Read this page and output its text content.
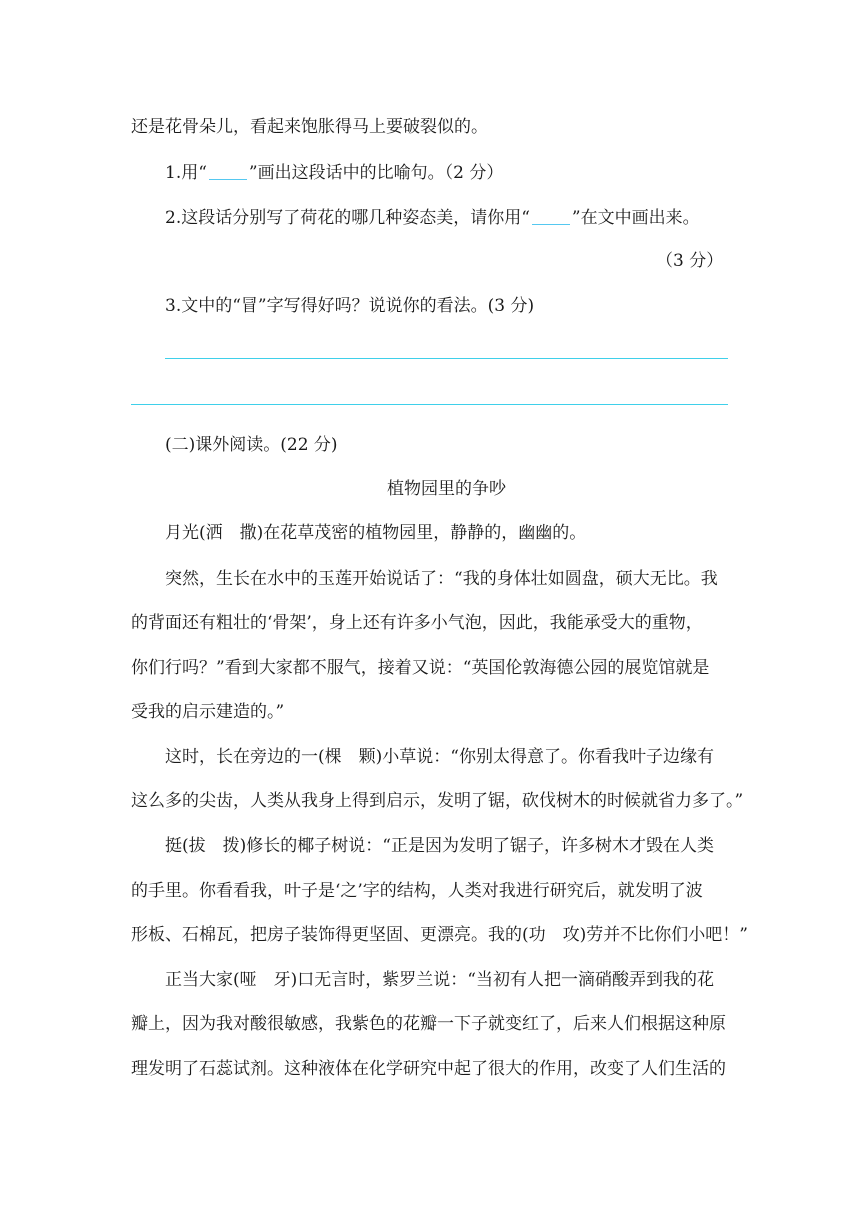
还是花骨朵儿，看起来饱胀得马上要破裂似的。
1.用“ ”画出这段话中的比喻句。（2 分）
2.这段话分别写了荷花的哪几种姿态美，请你用“ ”在文中画出来。
（3 分）
3.文中的“冒”字写得好吗？说说你的看法。(3 分)
(二)课外阅读。(22 分)
植物园里的争吵
月光(洒　撒)在花草茂密的植物园里，静静的，幽幽的。
突然，生长在水中的玉莲开始说话了：“我的身体壮如圆盘，硕大无比。我
的背面还有粗壮的‘骨架’，身上还有许多小气泡，因此，我能承受大的重物，
你们行吗？”看到大家都不服气，接着又说：“英国伦敦海德公园的展览馆就是
受我的启示建造的。”
这时，长在旁边的一(棵　颗)小草说：“你别太得意了。你看我叶子边缘有
这么多的尖齿，人类从我身上得到启示，发明了锯，砍伐树木的时候就省力多了。”
挺(拔　拨)修长的椰子树说：“正是因为发明了锯子，许多树木才毁在人类
的手里。你看看我，叶子是‘之’字的结构，人类对我进行研究后，就发明了波
形板、石棉瓦，把房子装饰得更坚固、更漂亮。我的(功　攻)劳并不比你们小吧！”
正当大家(哑　牙)口无言时，紫罗兰说：“当初有人把一滴硝酸弄到我的花
瓣上，因为我对酸很敏感，我紫色的花瓣一下子就变红了，后来人们根据这种原
理发明了石蕊试剂。这种液体在化学研究中起了很大的作用，改变了人们生活的
